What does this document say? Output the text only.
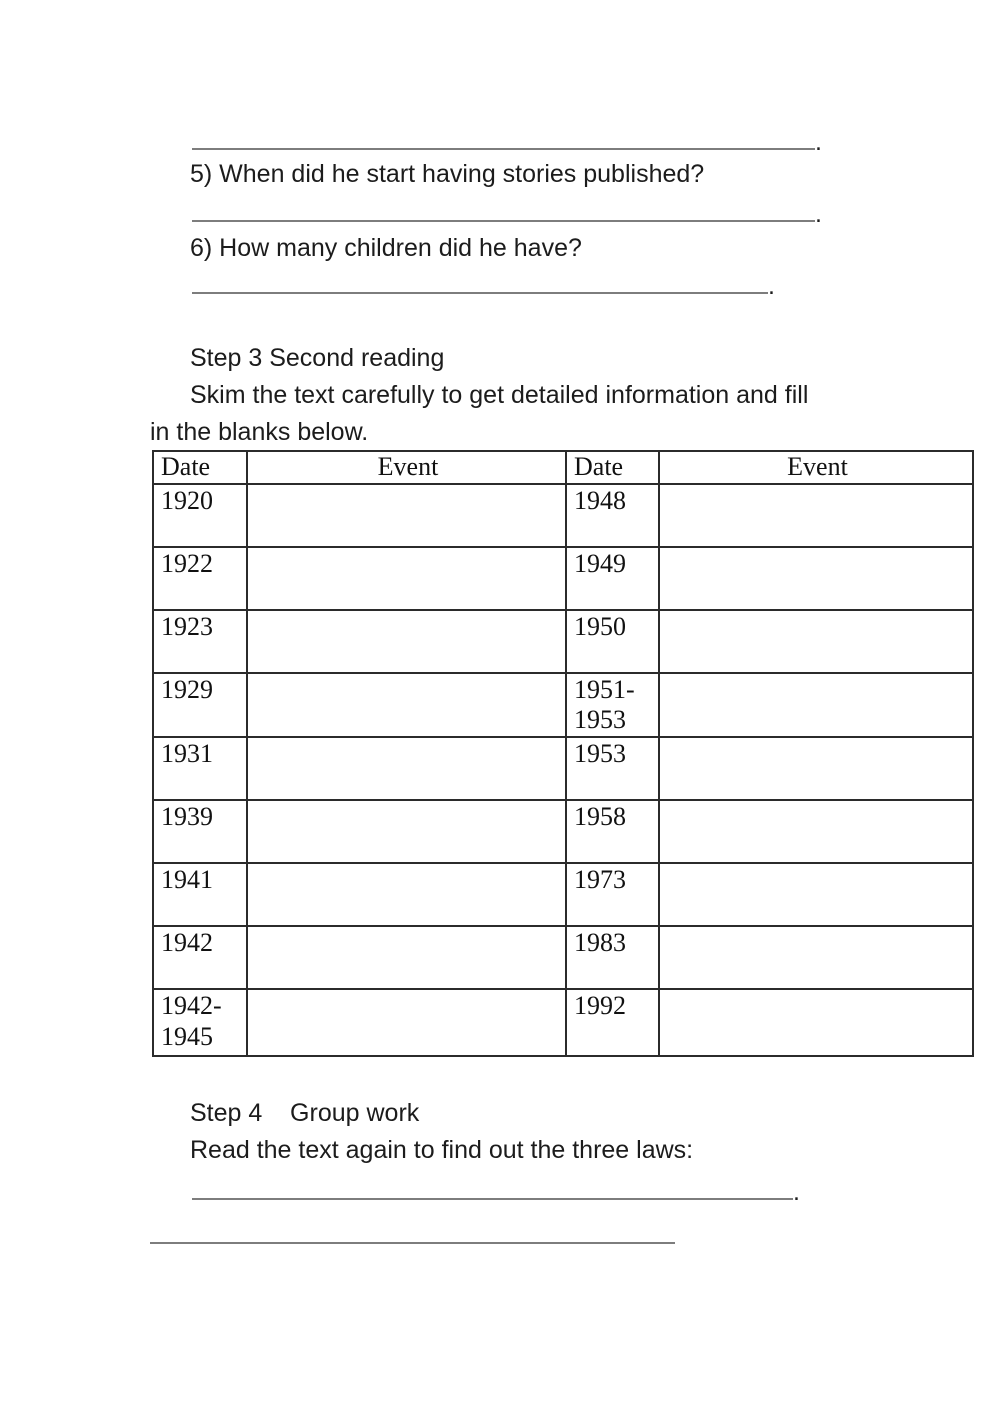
.
5) When did he start having stories published?
.
6) How many children did he have?
.
Step 3 Second reading
Skim the text carefully to get detailed information and fill
in the blanks below.
Date	Event	Date	Event
1920		1948	
1922		1949	
1923		1950	
1929		1951-1953	
1931		1953	
1939		1958	
1941		1973	
1942		1983	
1942-1945		1992	
Step 4    Group work
Read the text again to find out the three laws:
.
